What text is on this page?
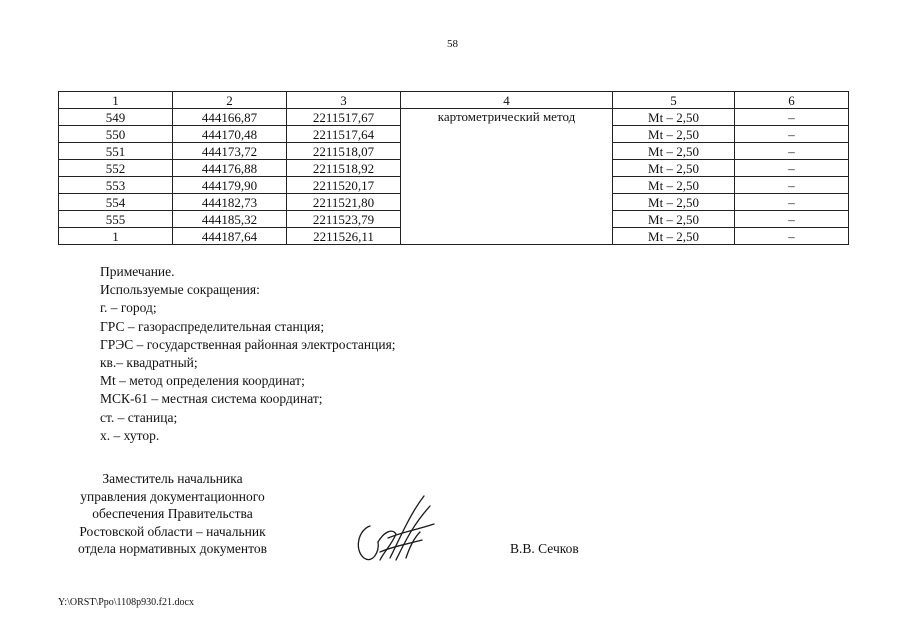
58
1	2	3	4	5	6
549	444166,87	2211517,67	картометрический метод	Mt – 2,50	–
550	444170,48	2211517,64		Mt – 2,50	–
551	444173,72	2211518,07		Mt – 2,50	–
552	444176,88	2211518,92		Mt – 2,50	–
553	444179,90	2211520,17		Mt – 2,50	–
554	444182,73	2211521,80		Mt – 2,50	–
555	444185,32	2211523,79		Mt – 2,50	–
1	444187,64	2211526,11		Mt – 2,50	–
Примечание.
Используемые сокращения:
г. – город;
ГРС – газораспределительная станция;
ГРЭС – государственная районная электростанция;
кв.– квадратный;
Mt – метод определения координат;
МСК-61 – местная система координат;
ст. – станица;
х. – хутор.
Заместитель начальника
управления документационного
обеспечения Правительства
Ростовской области – начальник
отдела нормативных документов	В.В. Сечков
Y:\ORST\Ppo\1108p930.f21.docx
